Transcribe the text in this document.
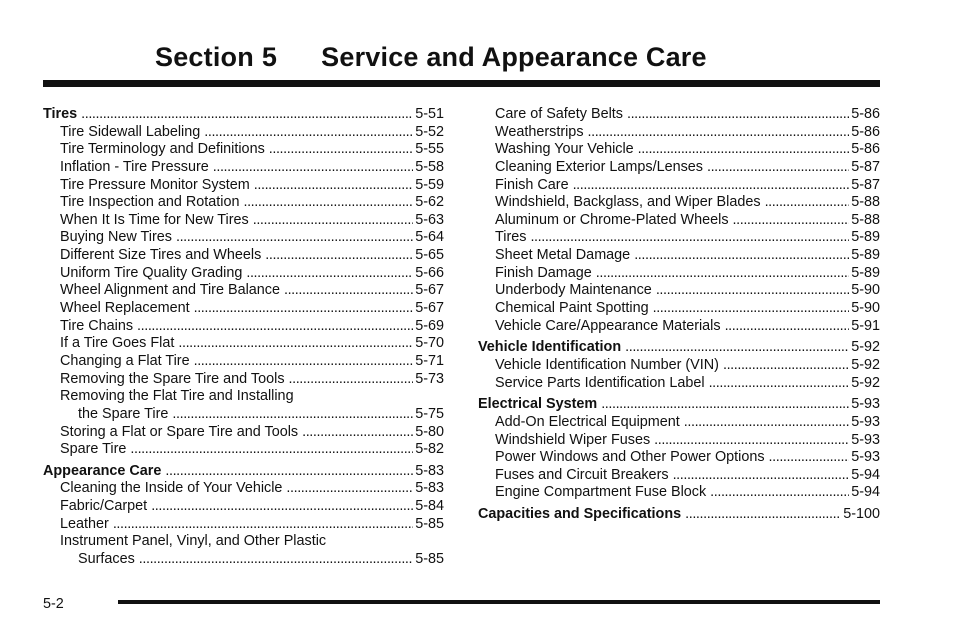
Section 5 Service and Appearance Care
Tires . . .	5-51
Tire Sidewall Labeling . . .	5-52
Tire Terminology and Definitions . . .	5-55
Inflation - Tire Pressure . . .	5-58
Tire Pressure Monitor System . . .	5-59
Tire Inspection and Rotation . . .	5-62
When It Is Time for New Tires . . .	5-63
Buying New Tires . . .	5-64
Different Size Tires and Wheels . . .	5-65
Uniform Tire Quality Grading . . .	5-66
Wheel Alignment and Tire Balance . . .	5-67
Wheel Replacement . . .	5-67
Tire Chains . . .	5-69
If a Tire Goes Flat . . .	5-70
Changing a Flat Tire . . .	5-71
Removing the Spare Tire and Tools . . .	5-73
Removing the Flat Tire and Installing
the Spare Tire . . .	5-75
Storing a Flat or Spare Tire and Tools . . .	5-80
Spare Tire . . .	5-82
Appearance Care . . .	5-83
Cleaning the Inside of Your Vehicle . . .	5-83
Fabric/Carpet . . .	5-84
Leather . . .	5-85
Instrument Panel, Vinyl, and Other Plastic
Surfaces . . .	5-85
Care of Safety Belts . . .	5-86
Weatherstrips . . .	5-86
Washing Your Vehicle . . .	5-86
Cleaning Exterior Lamps/Lenses . . .	5-87
Finish Care . . .	5-87
Windshield, Backglass, and Wiper Blades . . .	5-88
Aluminum or Chrome-Plated Wheels . . .	5-88
Tires . . .	5-89
Sheet Metal Damage . . .	5-89
Finish Damage . . .	5-89
Underbody Maintenance . . .	5-90
Chemical Paint Spotting . . .	5-90
Vehicle Care/Appearance Materials . . .	5-91
Vehicle Identification . . .	5-92
Vehicle Identification Number (VIN) . . .	5-92
Service Parts Identification Label . . .	5-92
Electrical System . . .	5-93
Add-On Electrical Equipment . . .	5-93
Windshield Wiper Fuses . . .	5-93
Power Windows and Other Power Options . . .	5-93
Fuses and Circuit Breakers . . .	5-94
Engine Compartment Fuse Block . . .	5-94
Capacities and Specifications . . .	5-100
5-2
